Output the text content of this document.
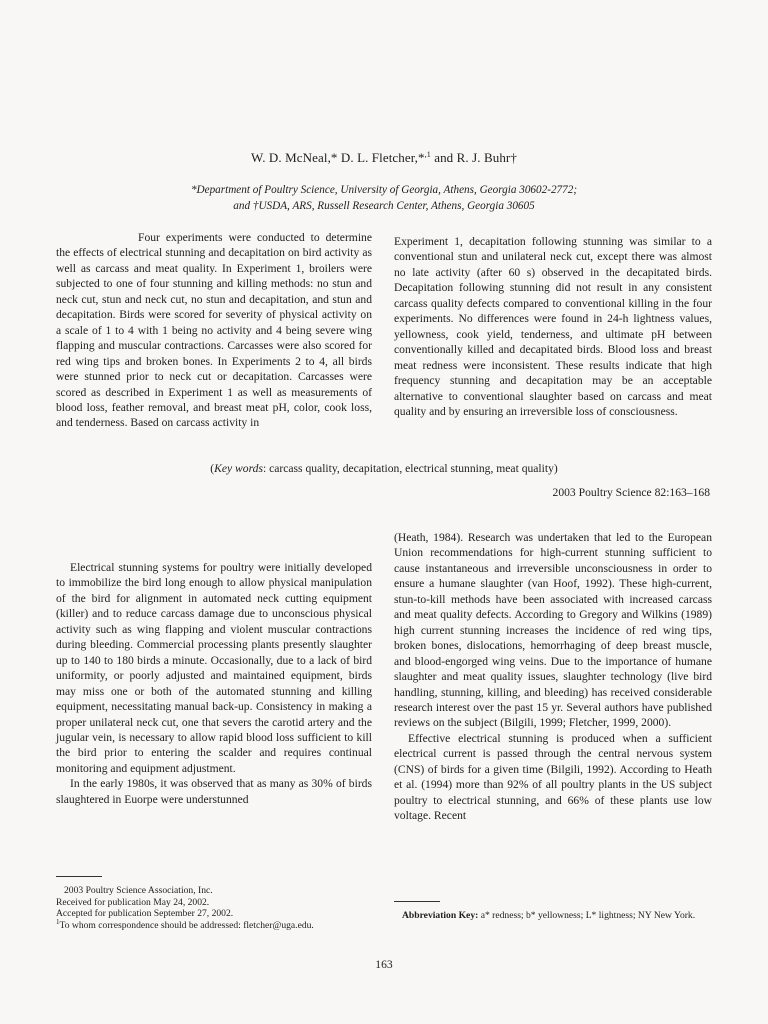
W. D. McNeal,* D. L. Fletcher,*$^{,1}$ and R. J. Buhr†
*Department of Poultry Science, University of Georgia, Athens, Georgia 30602-2772;
and †USDA, ARS, Russell Research Center, Athens, Georgia 30605

Four experiments were conducted to determine the effects of electrical stunning and decapitation on bird activity as well as carcass and meat quality. In Experiment 1, broilers were subjected to one of four stunning and killing methods: no stun and neck cut, stun and neck cut, no stun and decapitation, and stun and decapitation. Birds were scored for severity of physical activity on a scale of 1 to 4 with 1 being no activity and 4 being severe wing flapping and muscular contractions. Carcasses were also scored for red wing tips and broken bones. In Experiments 2 to 4, all birds were stunned prior to neck cut or decapitation. Carcasses were scored as described in Experiment 1 as well as measurements of blood loss, feather removal, and breast meat pH, color, cook loss, and tenderness. Based on carcass activity in

Experiment 1, decapitation following stunning was similar to a conventional stun and unilateral neck cut, except there was almost no late activity (after 60 s) observed in the decapitated birds. Decapitation following stunning did not result in any consistent carcass quality defects compared to conventional killing in the four experiments. No differences were found in 24-h lightness values, yellowness, cook yield, tenderness, and ultimate pH between conventionally killed and decapitated birds. Blood loss and breast meat redness were inconsistent. These results indicate that high frequency stunning and decapitation may be an acceptable alternative to conventional slaughter based on carcass and meat quality and by ensuring an irreversible loss of consciousness.

(Key words: carcass quality, decapitation, electrical stunning, meat quality)
2003 Poultry Science 82:163–168

Electrical stunning systems for poultry were initially developed to immobilize the bird long enough to allow physical manipulation of the bird for alignment in automated neck cutting equipment (killer) and to reduce carcass damage due to unconscious physical activity such as wing flapping and violent muscular contractions during bleeding. Commercial processing plants presently slaughter up to 140 to 180 birds a minute. Occasionally, due to a lack of bird uniformity, or poorly adjusted and maintained equipment, birds may miss one or both of the automated stunning and killing equipment, necessitating manual back-up. Consistency in making a proper unilateral neck cut, one that severs the carotid artery and the jugular vein, is necessary to allow rapid blood loss sufficient to kill the bird prior to entering the scalder and requires continual monitoring and equipment adjustment.

In the early 1980s, it was observed that as many as 30% of birds slaughtered in Euorpe were understunned

(Heath, 1984). Research was undertaken that led to the European Union recommendations for high-current stunning sufficient to cause instantaneous and irreversible unconsciousness in order to ensure a humane slaughter (van Hoof, 1992). These high-current, stun-to-kill methods have been associated with increased carcass and meat quality defects. According to Gregory and Wilkins (1989) high current stunning increases the incidence of red wing tips, broken bones, dislocations, hemorrhaging of deep breast muscle, and blood-engorged wing veins. Due to the importance of humane slaughter and meat quality issues, slaughter technology (live bird handling, stunning, killing, and bleeding) has received considerable research interest over the past 15 yr. Several authors have published reviews on the subject (Bilgili, 1999; Fletcher, 1999, 2000).

Effective electrical stunning is produced when a sufficient electrical current is passed through the central nervous system (CNS) of birds for a given time (Bilgili, 1992). According to Heath et al. (1994) more than 92% of all poultry plants in the US subject poultry to electrical stunning, and 66% of these plants use low voltage. Recent

2003 Poultry Science Association, Inc.
Received for publication May 24, 2002.
Accepted for publication September 27, 2002.
$^1$To whom correspondence should be addressed: fletcher@uga.edu.
Abbreviation Key: a* redness; b* yellowness; L* lightness; NY New York.
163
